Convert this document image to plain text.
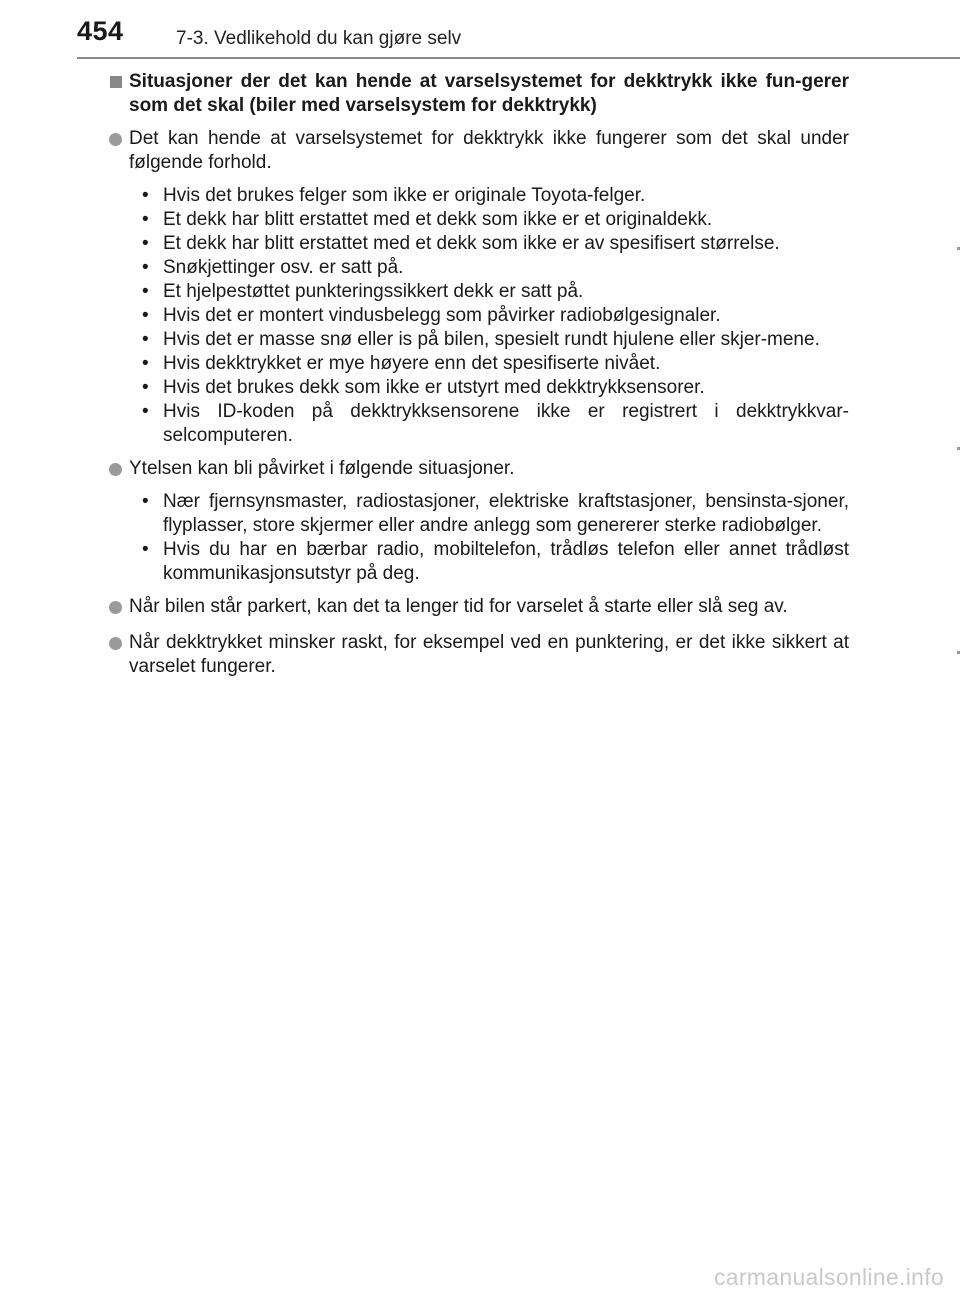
454	7-3. Vedlikehold du kan gjøre selv
Situasjoner der det kan hende at varselsystemet for dekktrykk ikke fun-gerer som det skal (biler med varselsystem for dekktrykk)

Det kan hende at varselsystemet for dekktrykk ikke fungerer som det skal under følgende forhold.

• Hvis det brukes felger som ikke er originale Toyota-felger.
• Et dekk har blitt erstattet med et dekk som ikke er et originaldekk.
• Et dekk har blitt erstattet med et dekk som ikke er av spesifisert størrelse.
• Snøkjettinger osv. er satt på.
• Et hjelpestøttet punkteringssikkert dekk er satt på.
• Hvis det er montert vindusbelegg som påvirker radiobølgesignaler.
• Hvis det er masse snø eller is på bilen, spesielt rundt hjulene eller skjer-mene.
• Hvis dekktrykket er mye høyere enn det spesifiserte nivået.
• Hvis det brukes dekk som ikke er utstyrt med dekktrykksensorer.
• Hvis ID-koden på dekktrykksensorene ikke er registrert i dekktrykkvar-selcomputeren.

Ytelsen kan bli påvirket i følgende situasjoner.

• Nær fjernsynsmaster, radiostasjoner, elektriske kraftstasjoner, bensinsta-sjoner, flyplasser, store skjermer eller andre anlegg som genererer sterke radiobølger.
• Hvis du har en bærbar radio, mobiltelefon, trådløs telefon eller annet trådløst kommunikasjonsutstyr på deg.

Når bilen står parkert, kan det ta lenger tid for varselet å starte eller slå seg av.

Når dekktrykket minsker raskt, for eksempel ved en punktering, er det ikke sikkert at varselet fungerer.

carmanualsonline.info
